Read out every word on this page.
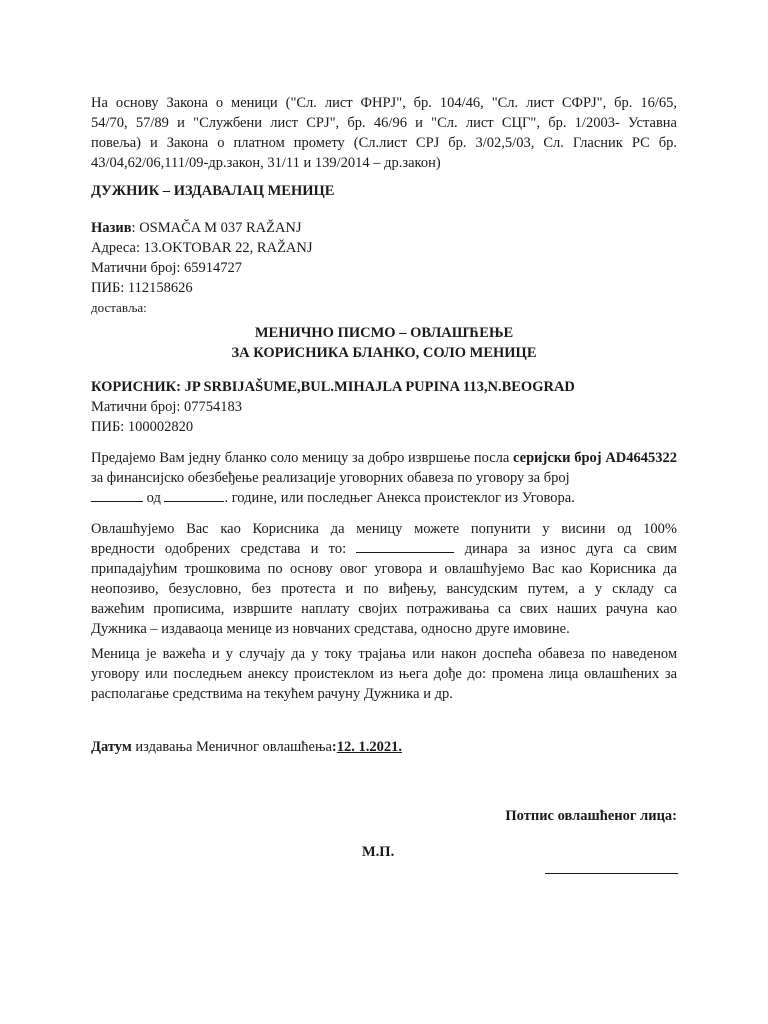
На основу Закона о меници ("Сл. лист ФНРЈ", бр. 104/46, "Сл. лист СФРЈ", бр. 16/65,
54/70, 57/89 и "Службени лист СРЈ", бр. 46/96 и "Сл. лист СЦГ", бр. 1/2003- Уставна
повеља) и Закона о платном промету (Сл.лист СРЈ бр. 3/02,5/03, Сл. Гласник РС бр.
43/04,62/06,111/09-др.закон, 31/11 и 139/2014 – др.закон)
ДУЖНИК – ИЗДАВАЛАЦ МЕНИЦЕ
Назив: OSMAČA M 037 RAŽANJ
Адреса: 13.OKTOBAR 22, RAŽANJ
Матични број: 65914727
ПИБ: 112158626
доставља:
МЕНИЧНО ПИСМО – ОВЛАШЋЕЊЕ
ЗА КОРИСНИКА БЛАНКО, СОЛО МЕНИЦЕ
КОРИСНИК: JP SRBIJAŠUME,BUL.MIHAJLA PUPINA 113,N.BEOGRAD
Матични број: 07754183
ПИБ: 100002820
Предајемо Вам једну бланко соло меницу за добро извршење посла серијски број AD4645322 за финансијско обезбеђење реализације уговорних обавеза по уговору за број
од	. године, или последњег Анекса проистеклог из Уговора.
Овлашћујемо Вас као Корисника да меницу можете попунити у висини од 100%
вредности одобрених средстава и то:	динара за износ дуга са свим
припадајућим трошковима по основу овог уговора и овлашћујемо Вас као Корисника да
неопозиво, безусловно, без протеста и по виђењу, вансудским путем, а у складу са
важећим прописима, извршите наплату својих потраживања са свих наших рачуна као
Дужника – издаваоца менице из новчаних средстава, односно друге имовине.
Меница је важећа и у случају да у току трајања или након доспећа обавеза по наведеном
уговору или последњем анексу проистеклом из њега дође до: промена лица овлашћених за
располагање средствима на текућем рачуну Дужника и др.
Датум издавања Меничног овлашћења:12. 1.2021.
Потпис овлашћеног лица:
М.П.
